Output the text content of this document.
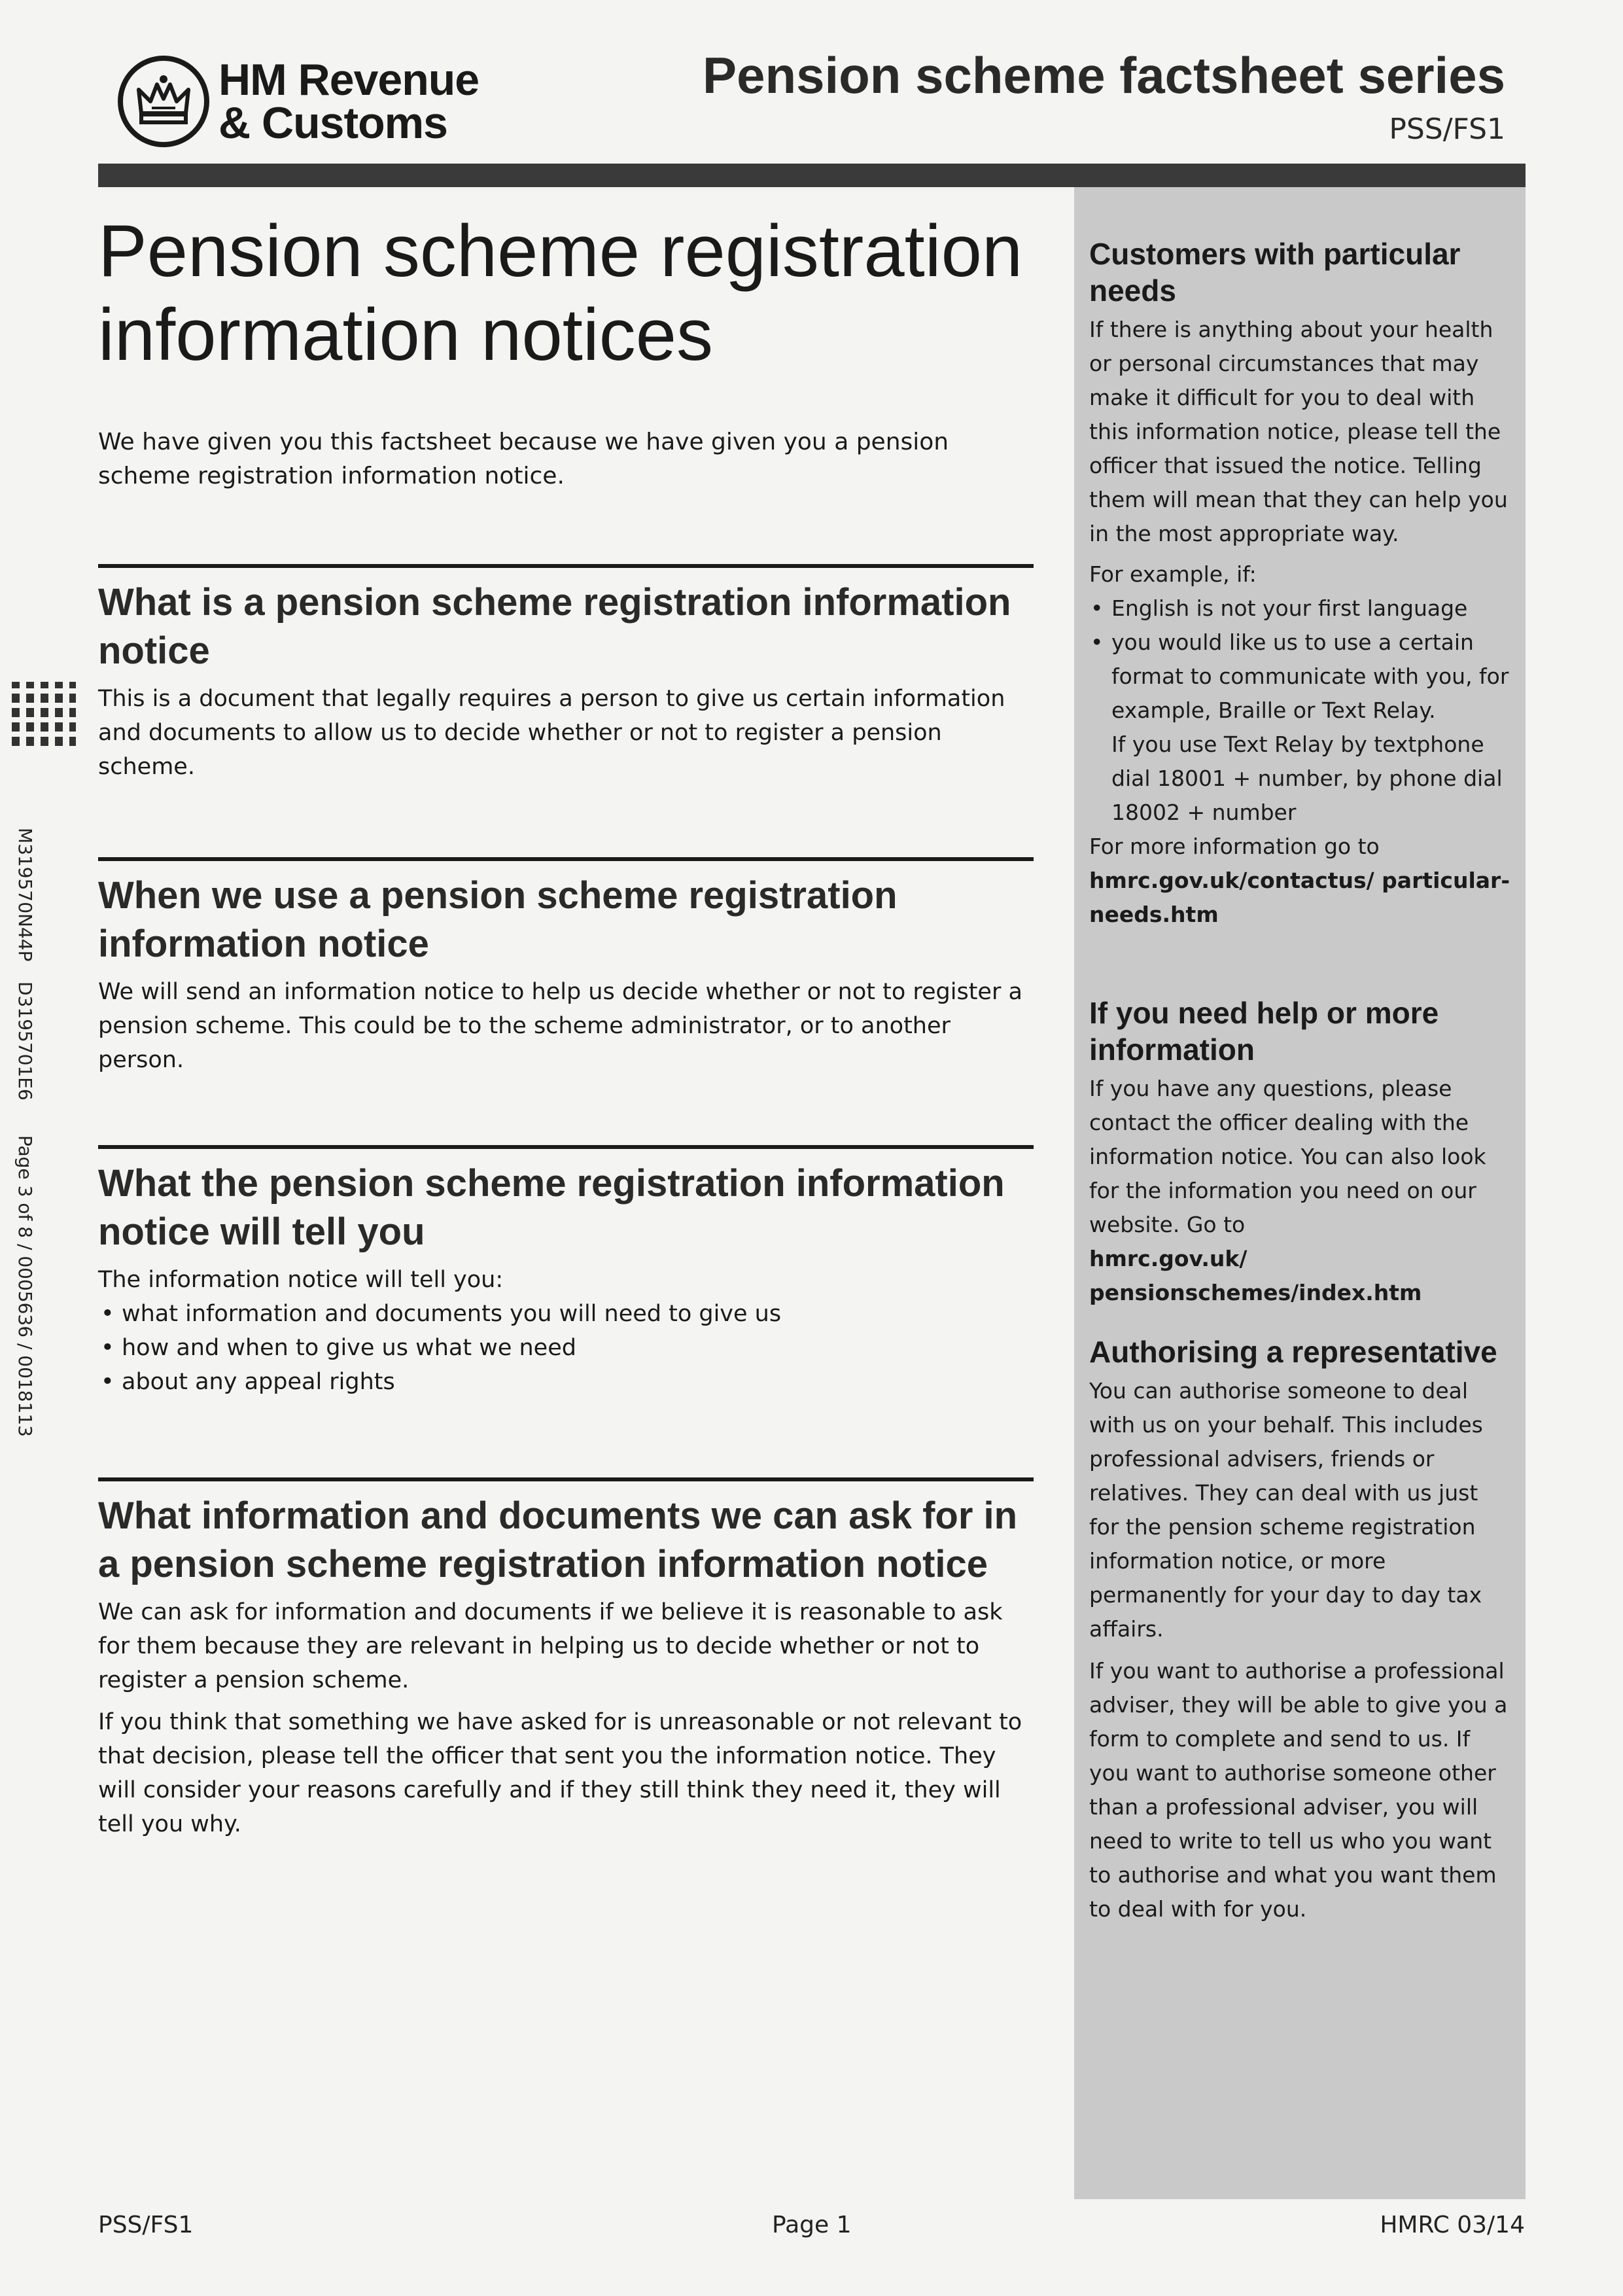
HM Revenue
& Customs
Pension scheme factsheet series
PSS/FS1
Pension scheme registration information notices

We have given you this factsheet because we have given you a pension scheme registration information notice.

What is a pension scheme registration information notice

This is a document that legally requires a person to give us certain information and documents to allow us to decide whether or not to register a pension scheme.

When we use a pension scheme registration information notice

We will send an information notice to help us decide whether or not to register a pension scheme. This could be to the scheme administrator, or to another person.

What the pension scheme registration information notice will tell you

The information notice will tell you:

• what information and documents you will need to give us
• how and when to give us what we need
• about any appeal rights
What information and documents we can ask for in a pension scheme registration information notice

We can ask for information and documents if we believe it is reasonable to ask for them because they are relevant in helping us to decide whether or not to register a pension scheme.

If you think that something we have asked for is unreasonable or not relevant to that decision, please tell the officer that sent you the information notice. They will consider your reasons carefully and if they still think they need it, they will tell you why.

Customers with particular needs

If there is anything about your health or personal circumstances that may make it difficult for you to deal with this information notice, please tell the officer that issued the notice. Telling them will mean that they can help you in the most appropriate way.

For example, if:

• English is not your first language
• you would like us to use a certain format to communicate with you, for example, Braille or Text Relay.
If you use Text Relay by textphone dial 18001 + number, by phone dial 18002 + number

For more information go to

hmrc.gov.uk/contactus/ particular-needs.htm
If you need help or more information

If you have any questions, please contact the officer dealing with the information notice. You can also look for the information you need on our website. Go to

hmrc.gov.uk/ pensionschemes/index.htm
Authorising a representative

You can authorise someone to deal with us on your behalf. This includes professional advisers, friends or relatives. They can deal with us just for the pension scheme registration information notice, or more permanently for your day to day tax affairs.

If you want to authorise a professional adviser, they will be able to give you a form to complete and send to us. If you want to authorise someone other than a professional adviser, you will need to write to tell us who you want to authorise and what you want them to deal with for you.

M319570N44P
D3195701E6
Page 3 of 8 / 0005636 / 0018113
PSS/FS1	Page 1	HMRC 03/14
